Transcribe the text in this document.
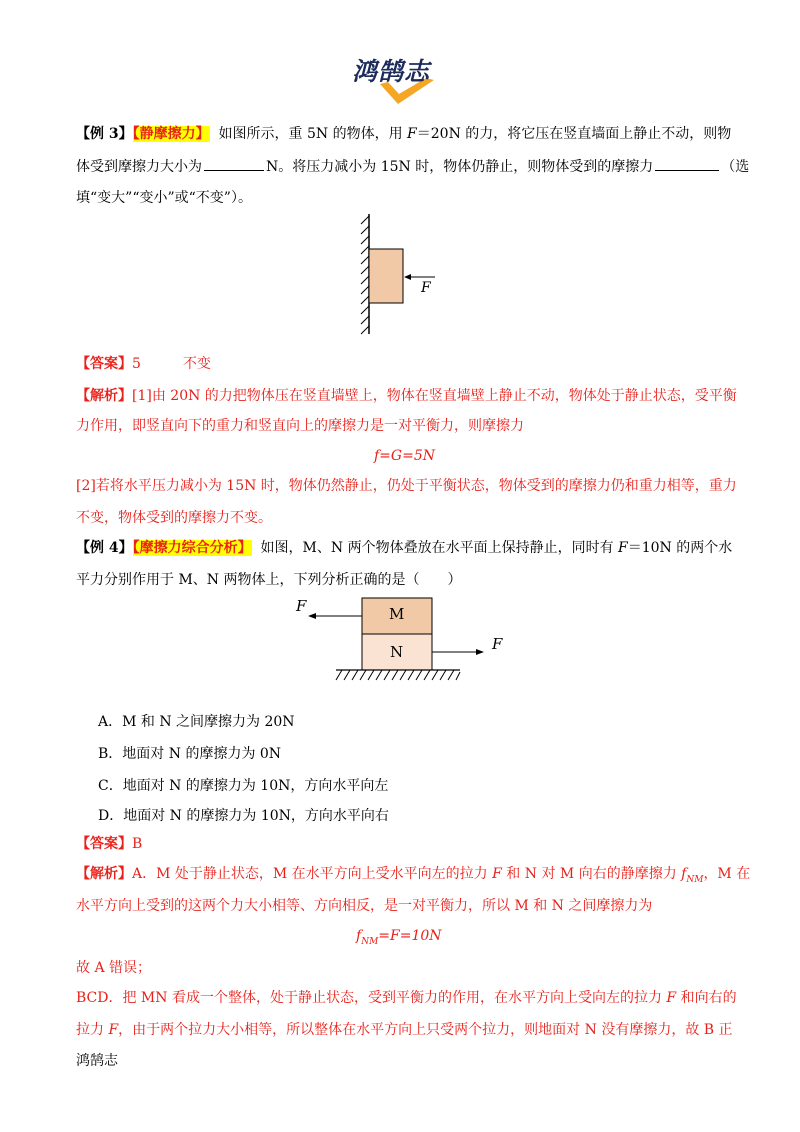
鸿鹄志
【例 3】【静摩擦力】 如图所示，重 5N 的物体，用 F＝20N 的力，将它压在竖直墙面上静止不动，则物
体受到摩擦力大小为	N。将压力减小为 15N 时，物体仍静止，则物体受到的摩擦力	（选
填“变大”“变小”或“不变”）。
F
【答案】5　　　不变
【解析】[1]由 20N 的力把物体压在竖直墙壁上，物体在竖直墙壁上静止不动，物体处于静止状态，受平衡
力作用，即竖直向下的重力和竖直向上的摩擦力是一对平衡力，则摩擦力
f=G=5N
[2]若将水平压力减小为 15N 时，物体仍然静止，仍处于平衡状态，物体受到的摩擦力仍和重力相等，重力
不变，物体受到的摩擦力不变。
【例 4】【摩擦力综合分析】 如图，M、N 两个物体叠放在水平面上保持静止，同时有 F＝10N 的两个水
平力分别作用于 M、N 两物体上，下列分析正确的是（　　）
F
F
M
N
A．M 和 N 之间摩擦力为 20N
B．地面对 N 的摩擦力为 0N
C．地面对 N 的摩擦力为 10N，方向水平向左
D．地面对 N 的摩擦力为 10N，方向水平向右
【答案】B
【解析】A．M 处于静止状态，M 在水平方向上受水平向左的拉力 F 和 N 对 M 向右的静摩擦力 $f_{NM}$，M 在
水平方向上受到的这两个力大小相等、方向相反，是一对平衡力，所以 M 和 N 之间摩擦力为
$f_{NM}=F=10N$
故 A 错误；
BCD．把 MN 看成一个整体，处于静止状态，受到平衡力的作用，在水平方向上受向左的拉力 F 和向右的
拉力 F，由于两个拉力大小相等，所以整体在水平方向上只受两个拉力，则地面对 N 没有摩擦力，故 B 正
鸿鹄志
